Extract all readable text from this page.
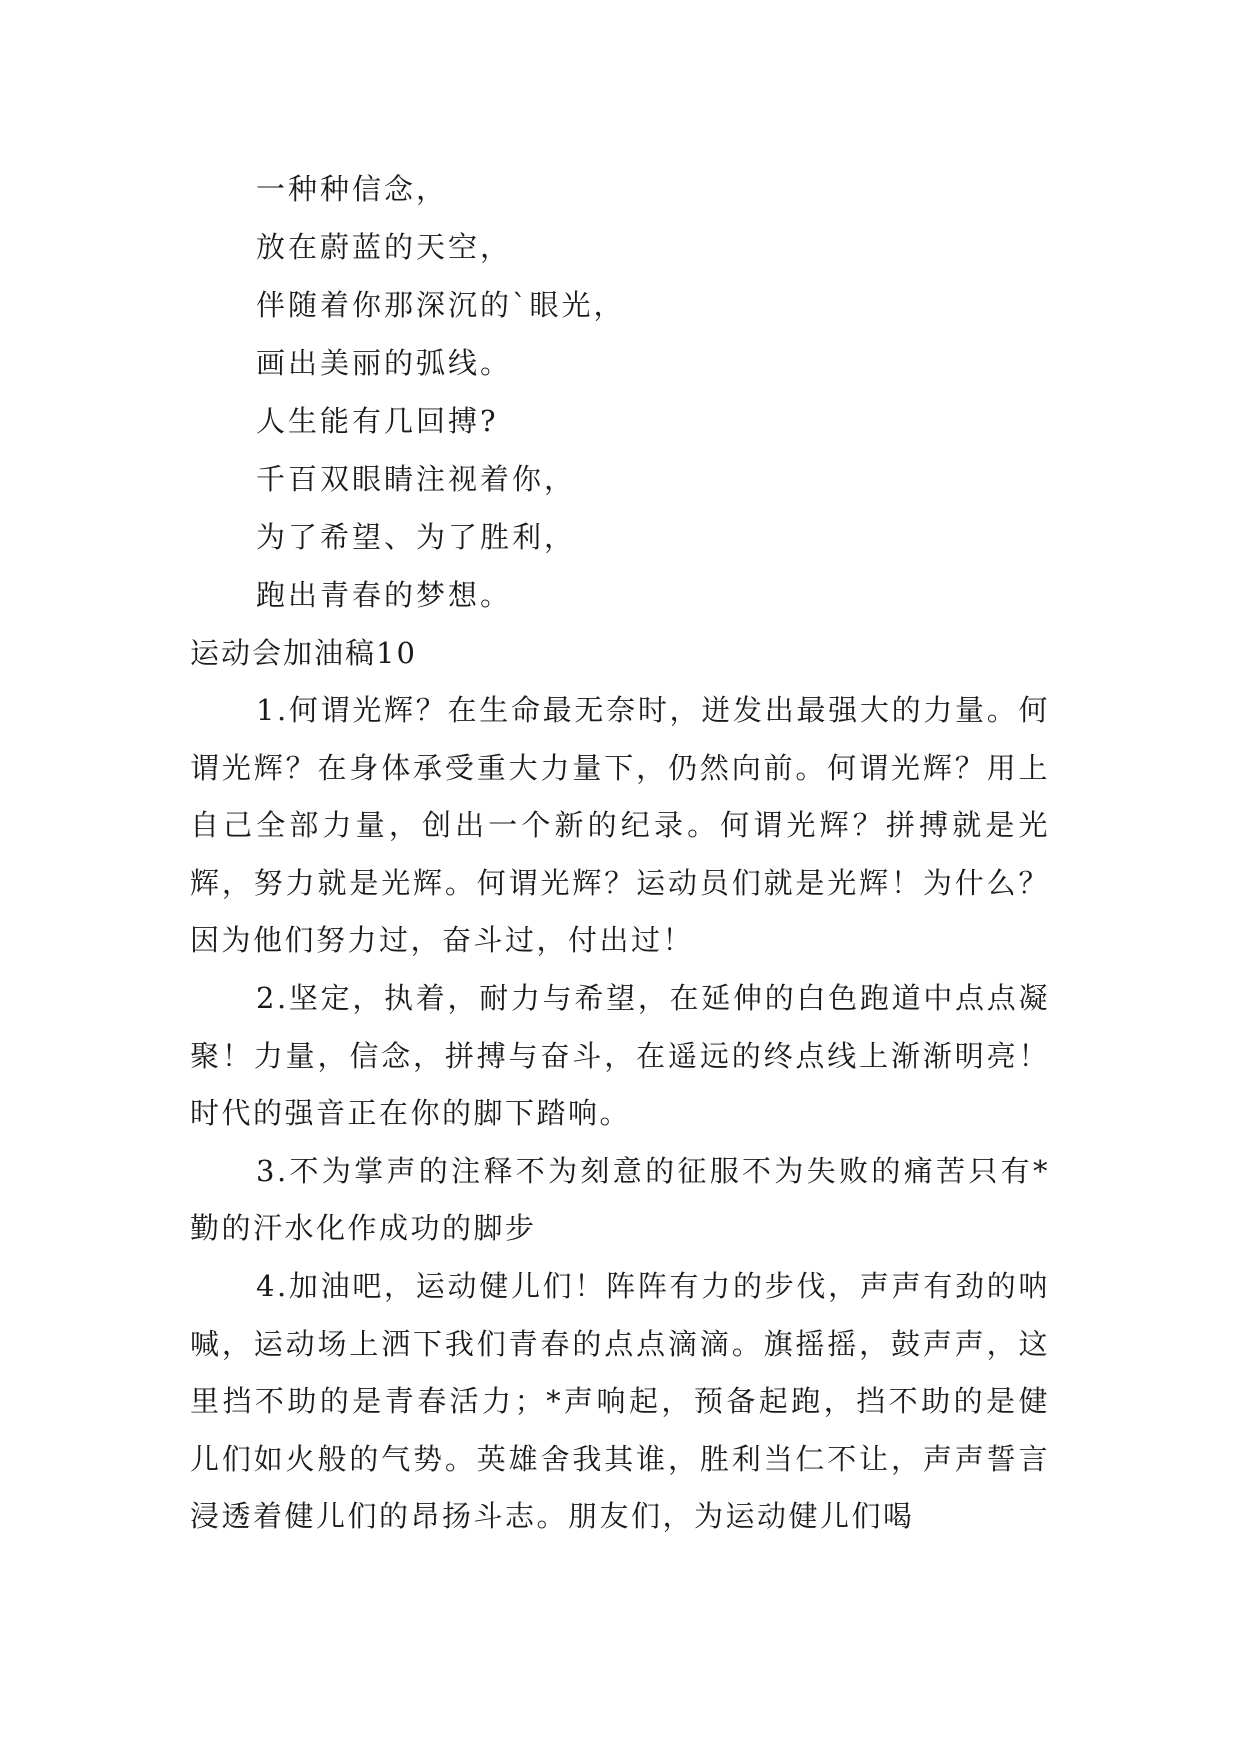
一种种信念，
放在蔚蓝的天空，
伴随着你那深沉的`眼光，
画出美丽的弧线。
人生能有几回搏?
千百双眼睛注视着你，
为了希望、为了胜利，
跑出青春的梦想。
运动会加油稿10

1.何谓光辉？在生命最无奈时，迸发出最强大的力量。何谓光辉？在身体承受重大力量下，仍然向前。何谓光辉？用上自己全部力量，创出一个新的纪录。何谓光辉？拼搏就是光辉，努力就是光辉。何谓光辉？运动员们就是光辉！为什么？因为他们努力过，奋斗过，付出过！

2.坚定，执着，耐力与希望，在延伸的白色跑道中点点凝聚！力量，信念，拼搏与奋斗，在遥远的终点线上渐渐明亮！时代的强音正在你的脚下踏响。

3.不为掌声的注释不为刻意的征服不为失败的痛苦只有*勤的汗水化作成功的脚步

4.加油吧，运动健儿们！阵阵有力的步伐，声声有劲的呐喊，运动场上洒下我们青春的点点滴滴。旗摇摇，鼓声声，这里挡不助的是青春活力；*声响起，预备起跑，挡不助的是健儿们如火般的气势。英雄舍我其谁，胜利当仁不让，声声誓言浸透着健儿们的昂扬斗志。朋友们，为运动健儿们喝
